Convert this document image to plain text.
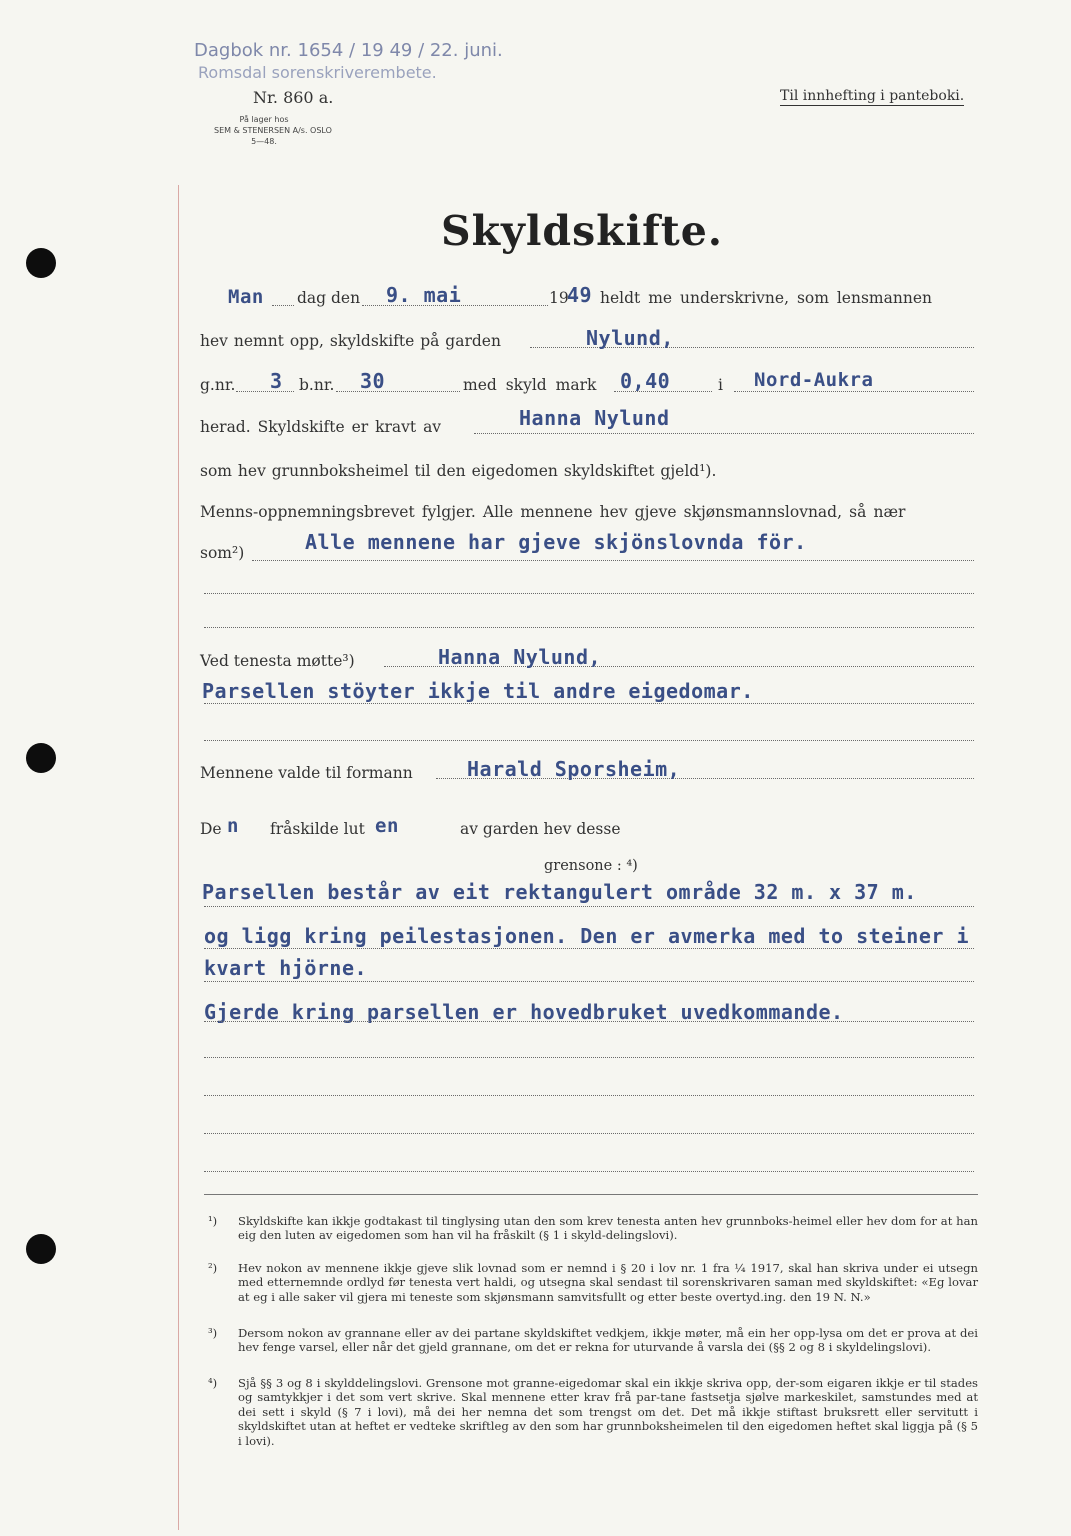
Dagbok nr. 1654 / 19 49 / 22. juni.
Romsdal sorenskriverembete.
Nr. 860 a.
På lager hos
SEM & STENERSEN A/s. OSLO
5—48.
Til innhefting i panteboki.
Skyldskifte.
Man dag den 9. mai	19
49 heldt me underskrivne, som lensmannen
hev nemnt opp, skyldskifte på garden	Nylund,
g.nr. 3 b.nr. 30	med skyld mark 0,40	i Nord-Aukra
herad. Skyldskifte er kravt av	Hanna Nylund
som hev grunnboksheimel til den eigedomen skyldskiftet gjeld¹).
Menns-oppnemningsbrevet fylgjer. Alle mennene hev gjeve skjønsmannslovnad, så nær
som²)	Alle mennene har gjeve skjönslovnda för.
Ved tenesta møtte³)	Hanna Nylund,
Parsellen stöyter ikkje til andre eigedomar.
Mennene valde til formann	Harald Sporsheim,
De n fråskilde lut en	av garden hev desse
grensone : ⁴)
Parsellen består av eit rektangulert område 32 m. x 37 m.
og ligg kring peilestasjonen. Den er avmerka med to steiner i
kvart hjörne.
Gjerde kring parsellen er hovedbruket uvedkommande.
¹) Skyldskifte kan ikkje godtakast til tinglysing utan den som krev tenesta anten hev grunnboks-heimel eller hev dom for at han eig den luten av eigedomen som han vil ha fråskilt (§ 1 i skyld-delingslovi).
²) Hev nokon av mennene ikkje gjeve slik lovnad som er nemnd i § 20 i lov nr. 1 fra ¼ 1917, skal han skriva under ei utsegn med etternemnde ordlyd før tenesta vert haldi, og utsegna skal sendast til sorenskrivaren saman med skyldskiftet: «Eg lovar at eg i alle saker vil gjera mi teneste som skjønsmann samvitsfullt og etter beste overtyd.ing. den 19 N. N.»
³) Dersom nokon av grannane eller av dei partane skyldskiftet vedkjem, ikkje møter, må ein her opp-lysa om det er prova at dei hev fenge varsel, eller når det gjeld grannane, om det er rekna for uturvande å varsla dei (§§ 2 og 8 i skyldelingslovi).
⁴) Sjå §§ 3 og 8 i skylddelingslovi. Grensone mot granne-eigedomar skal ein ikkje skriva opp, der-som eigaren ikkje er til stades og samtykkjer i det som vert skrive. Skal mennene etter krav frå par-tane fastsetja sjølve markeskilet, samstundes med at dei sett i skyld (§ 7 i lovi), må dei her nemna det som trengst om det. Det må ikkje stiftast bruksrett eller servitutt i skyldskiftet utan at heftet er vedteke skriftleg av den som har grunnboksheimelen til den eigedomen heftet skal liggja på (§ 5 i lovi).
